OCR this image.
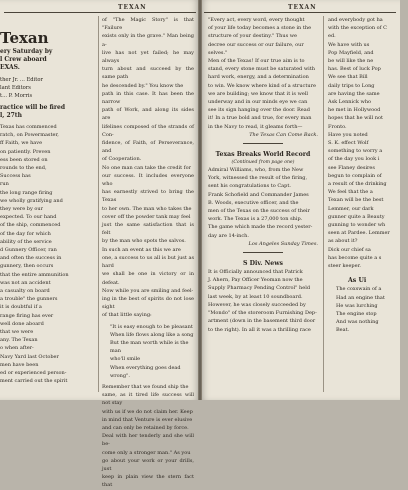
TEXAN
Texan
ery Saturday by
l Crew aboard
EXAS.
ther Jr. ... Editor
lant Editors
t... P. Morris
ractice will be fired
l, 27th

Texas has commenced

ratch, on Powermaster,

ff Faith, we have

on patiently. Preven

ess been stored on

rounds to the end,

Success has

run

the long range firing

we wholly gratifying and

they were by our

expected. To our hand

of the ship, commenced

of the day for which

ability of the service

d Gunnery Officer, ran

and often the success in

gunnery, then occurs

that the entire ammunition

was not an accident

a casualty on board

a trouble" the gunners

it is doubtful if a

range firing has ever

well done aboard

that we were

any. The Texan

o when after-

Navy Yard last October

men have been

ed or experienced person-

ment carried out the spirit

of "The Magic Story" is that "Failure

exists only in the grave." Man being a-

live has not yet failed; he may always

turn about and succeed by the same path

he descended by." You know the

path in this case. It has been the narrow

path of Work, and along its sides are

lifelines composed of the strands of Con-

fidence, of Faith, of Perseverance, and

of Cooperation.

No one man can take the credit for

our success. It includes everyone who

has earnestly strived to bring the Texas

to her own. The man who takes the

cover off the powder tank may feel

just the same satisfaction that is felt

by the man who spots the salvos.

In such an event as this we are

one, a success to us all is but just as hard

we shall be one in victory or in defeat.

Now while you are smiling and feel-

ing in the best of spirits do not lose sight

of that little saying:

"It is easy enough to be pleasant
When life flows along like a song
But the man worth while is the man
who'll smile
When everything goes dead wrong".

Remember that we found ship the

same, as it tired life success will not stay

with us if we do not claim her. Keep

in mind that Venture is ever elusive

and can only be retained by force.

Deal with her tenderly and she will be-

come only a stronger man." As you

go about your work or your drills, just

keep in plain view the stern fact that

TEXAN

"Every act, every word, every thought

of your life today becomes a stone in the

structure of your destiny." Thus we

decree our success or our failure, our

selves."

Men of the Texas! If our true aim is to

stand, every stone must be saturated with

hard work, energy, and a determination

to win. We know where kind of a structure

we are building; we know that it is well

underway and in our minds eye we can

see its sign hanging over the door. Read

it! In a true bold and true, for every man

in the Navy to read, it gleams forth—

The Texas Can Come Back.
Texas Breaks World Record
(Continued from page one)

Admiral Williams, who, from the New

York, witnessed the result of the firing,

sent his congratulations to Capt.

Frank Schofield and Commander James

B. Woods, executive officer, and the

men of the Texas on the success of their

work. The Texas is a 27,000 ton ship.

The game which made the record yester-

day are 14-inch.

Los Angeles Sunday Times.
S Div. News

It is Officially announced that Patrick

J. Ahern, Pay Officer Yeoman now the

Supply Pharmacy Pending Control" held

last week, by at least 10 soundboard.

However, he was closely succeeded by

"Mondo" of the storeroom Furnishing Dep-

artment (down in the basement third door

to the right). In all it was a thrilling race

and everybody got ha

with the exception of C

ed.

We have with us

Pop Mayfield, and

be will like the ne

has. Best of luck Pop

We see that Bill

daily trips to Long

are having the same

Ask Lennick who

he met in Hollywood

hopes that he will not

Fronto.

Have you noted

S. K. effect Wolf

something to worry a

of the day you look i

see Flaney desires

begun to complain of

a result of the drinking

We feel that the a

Texan will be the best

Lemmer, our dark

gunner quite a Beauty

gunning to wonder wh

seen at Pardee. Lemmer

as about it?

Dick our chief sa

has become quite a s

steer keeper.

As Ui
The coxswain of a
Had an engine that
He was lurching
The engine stop
And was nothing
Beat.
